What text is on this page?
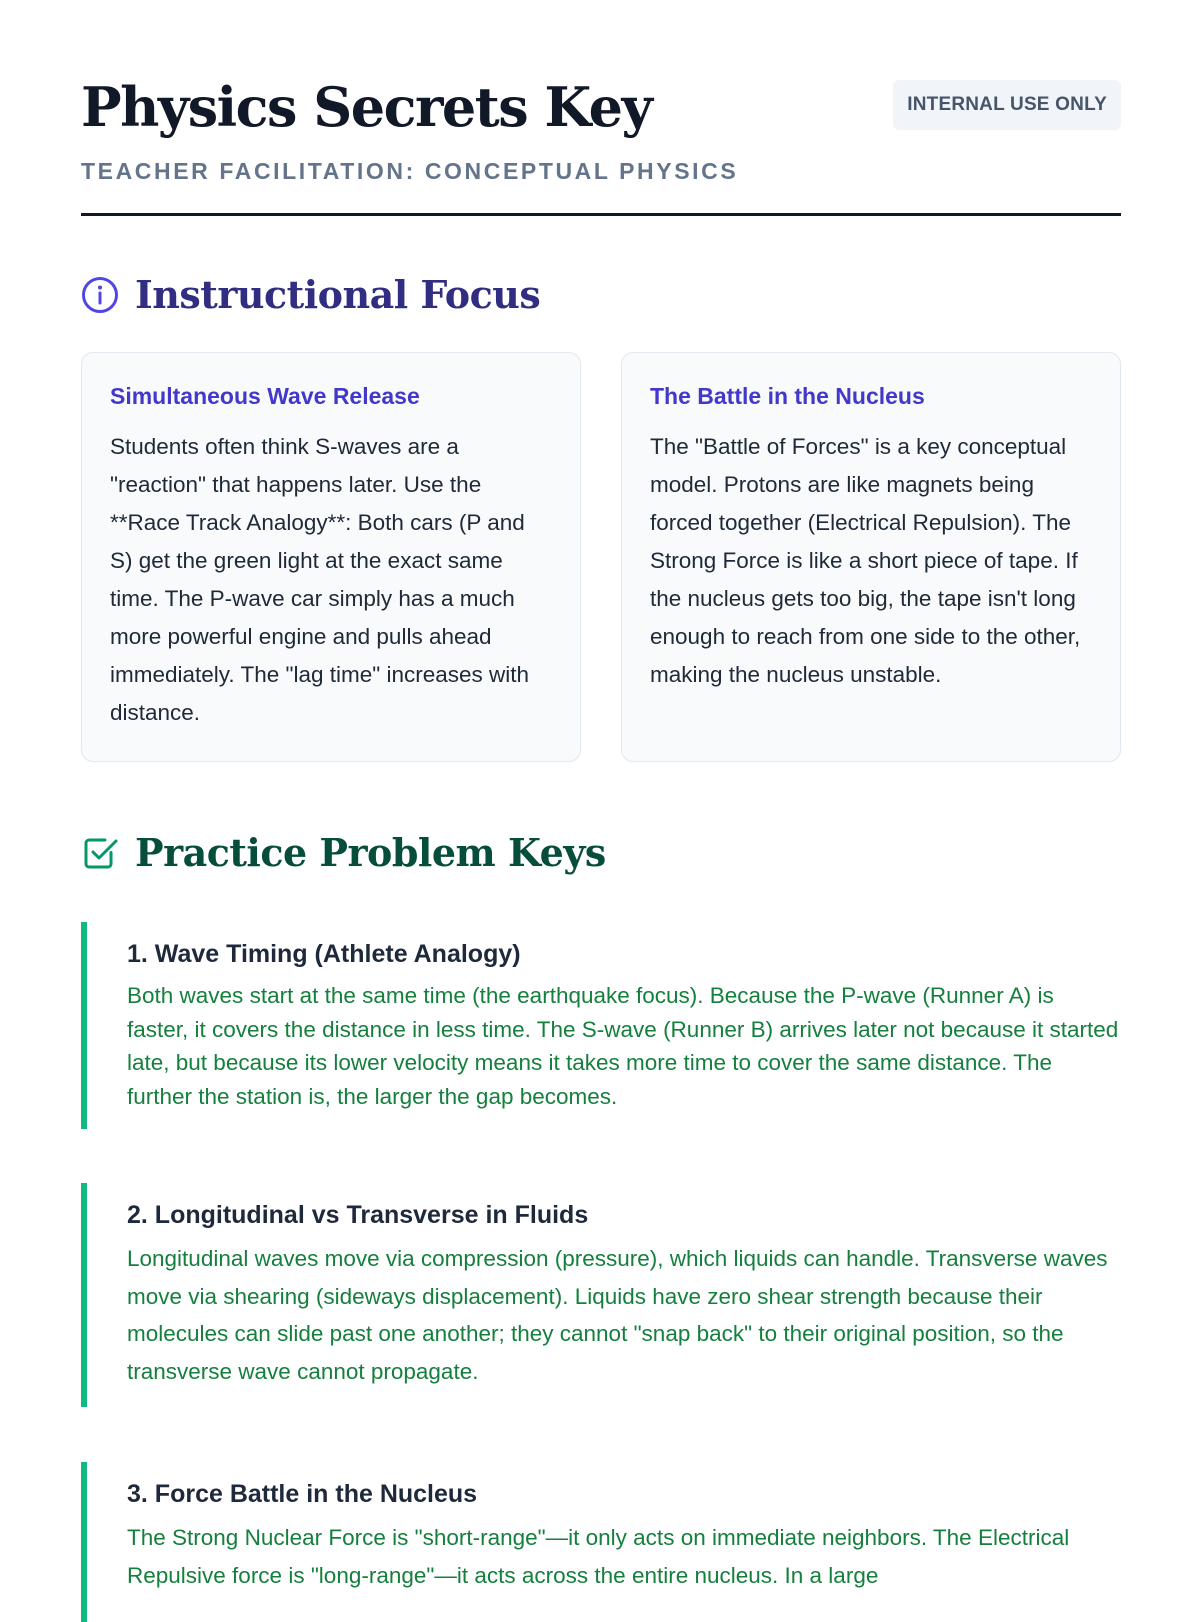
Physics Secrets Key
TEACHER FACILITATION: CONCEPTUAL PHYSICS
INTERNAL USE ONLY
Instructional Focus
Simultaneous Wave Release

Students often think S-waves are a "reaction" that happens later. Use the **Race Track Analogy**: Both cars (P and S) get the green light at the exact same time. The P-wave car simply has a much more powerful engine and pulls ahead immediately. The "lag time" increases with distance.

The Battle in the Nucleus

The "Battle of Forces" is a key conceptual model. Protons are like magnets being forced together (Electrical Repulsion). The Strong Force is like a short piece of tape. If the nucleus gets too big, the tape isn't long enough to reach from one side to the other, making the nucleus unstable.

Practice Problem Keys
1. Wave Timing (Athlete Analogy)

Both waves start at the same time (the earthquake focus). Because the P-wave (Runner A) is faster, it covers the distance in less time. The S-wave (Runner B) arrives later not because it started late, but because its lower velocity means it takes more time to cover the same distance. The further the station is, the larger the gap becomes.

2. Longitudinal vs Transverse in Fluids

Longitudinal waves move via compression (pressure), which liquids can handle. Transverse waves move via shearing (sideways displacement). Liquids have zero shear strength because their molecules can slide past one another; they cannot "snap back" to their original position, so the transverse wave cannot propagate.

3. Force Battle in the Nucleus

The Strong Nuclear Force is "short-range"—it only acts on immediate neighbors. The Electrical Repulsive force is "long-range"—it acts across the entire nucleus. In a large
